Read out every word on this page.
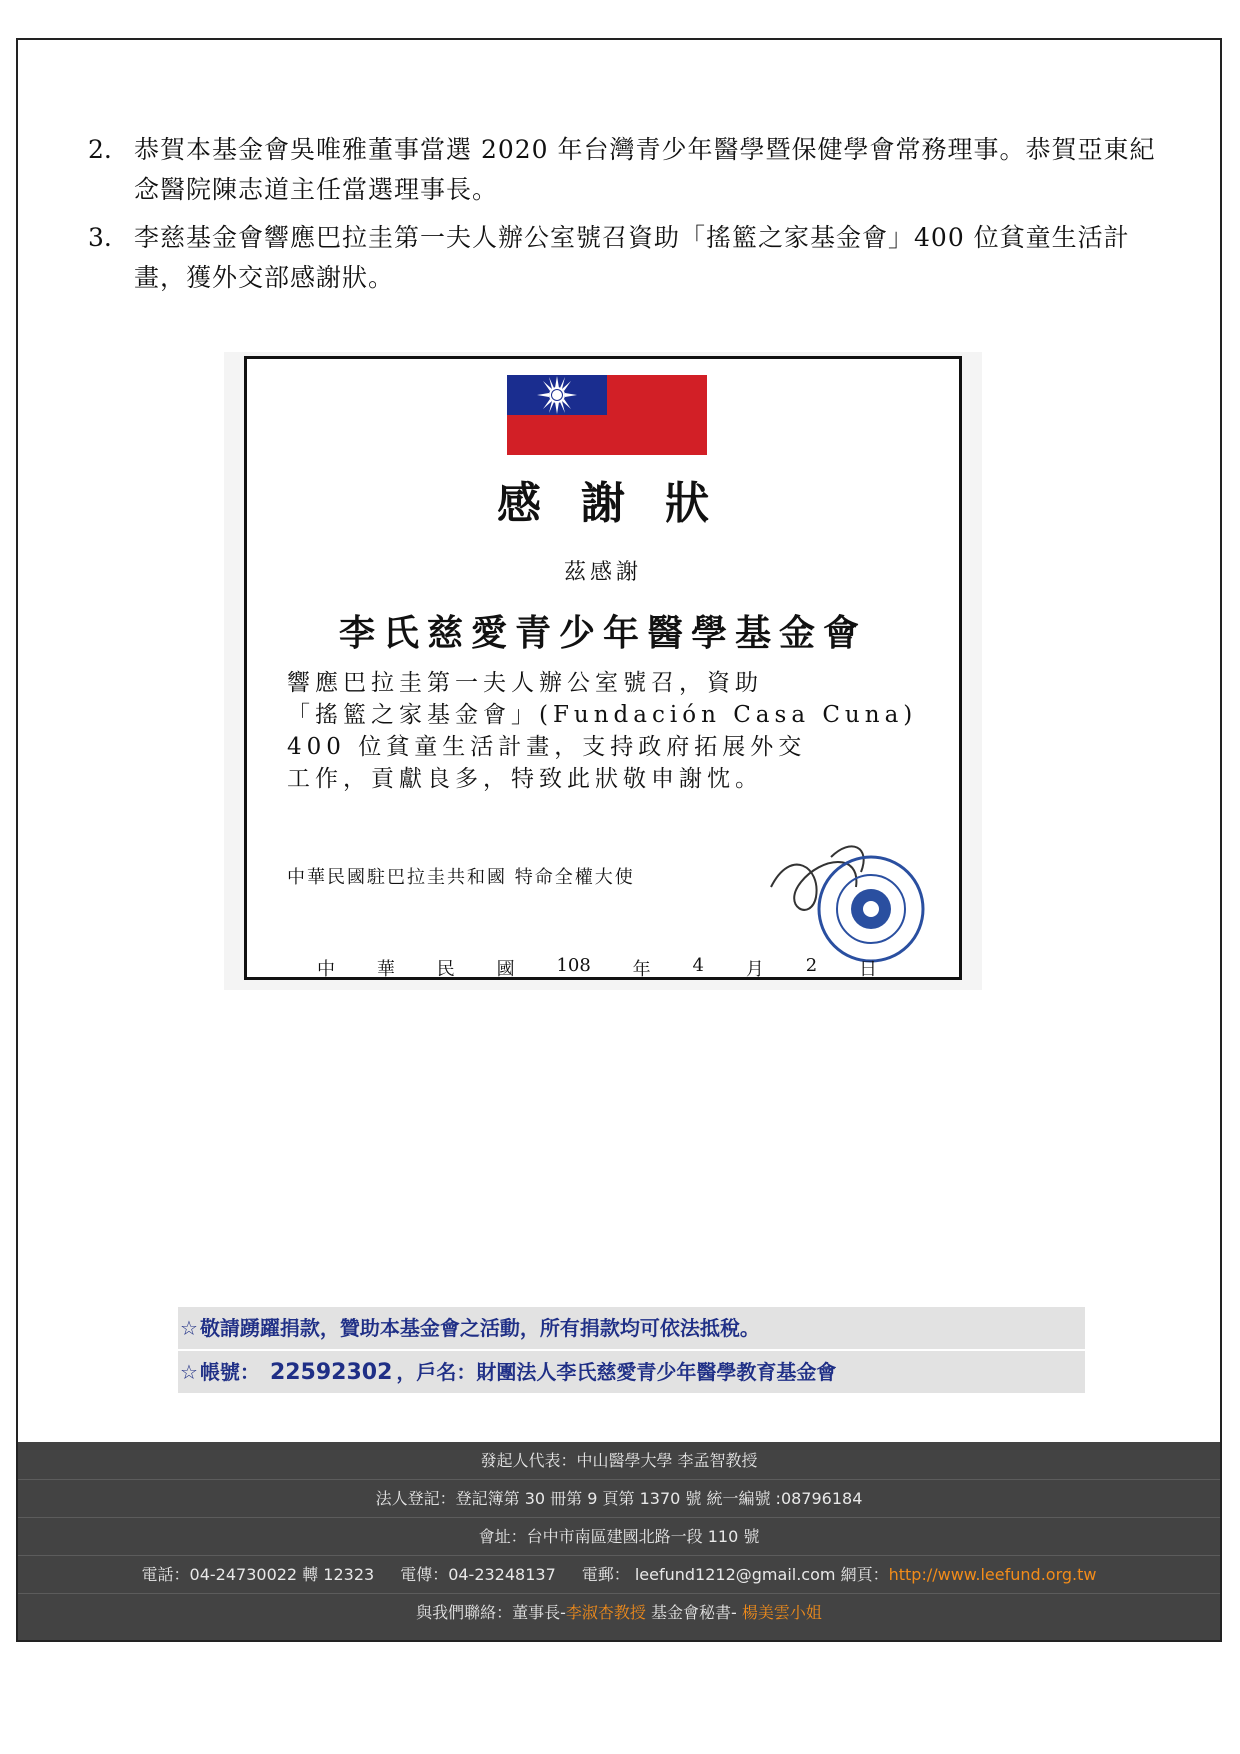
2. 恭賀本基金會吳唯雅董事當選 2020 年台灣青少年醫學暨保健學會常務理事。恭賀亞東紀念醫院陳志道主任當選理事長。
3. 李慈基金會響應巴拉圭第一夫人辦公室號召資助「搖籃之家基金會」400 位貧童生活計畫，獲外交部感謝狀。
感謝狀
茲感謝
李氏慈愛青少年醫學基金會
響應巴拉圭第一夫人辦公室號召，資助
「搖籃之家基金會」(Fundación Casa Cuna)
400 位貧童生活計畫，支持政府拓展外交
工作，貢獻良多，特致此狀敬申謝忱。
中華民國駐巴拉圭共和國 特命全權大使
中 華 民 國 108 年 4 月 2 日
☆ 敬請踴躍捐款，贊助本基金會之活動，所有捐款均可依法抵稅。
☆ 帳號： 22592302 ，戶名：財團法人李氏慈愛青少年醫學教育基金會
發起人代表：中山醫學大學 李孟智教授
法人登記：登記簿第 30 冊第 9 頁第 1370 號 統一編號 :08796184
會址：台中市南區建國北路一段 110 號
電話：04-24730022 轉 12323 電傳：04-23248137 電郵： leefund1212@gmail.com 網頁：http://www.leefund.org.tw
與我們聯絡：董事長-李淑杏教授 基金會秘書- 楊美雲小姐
